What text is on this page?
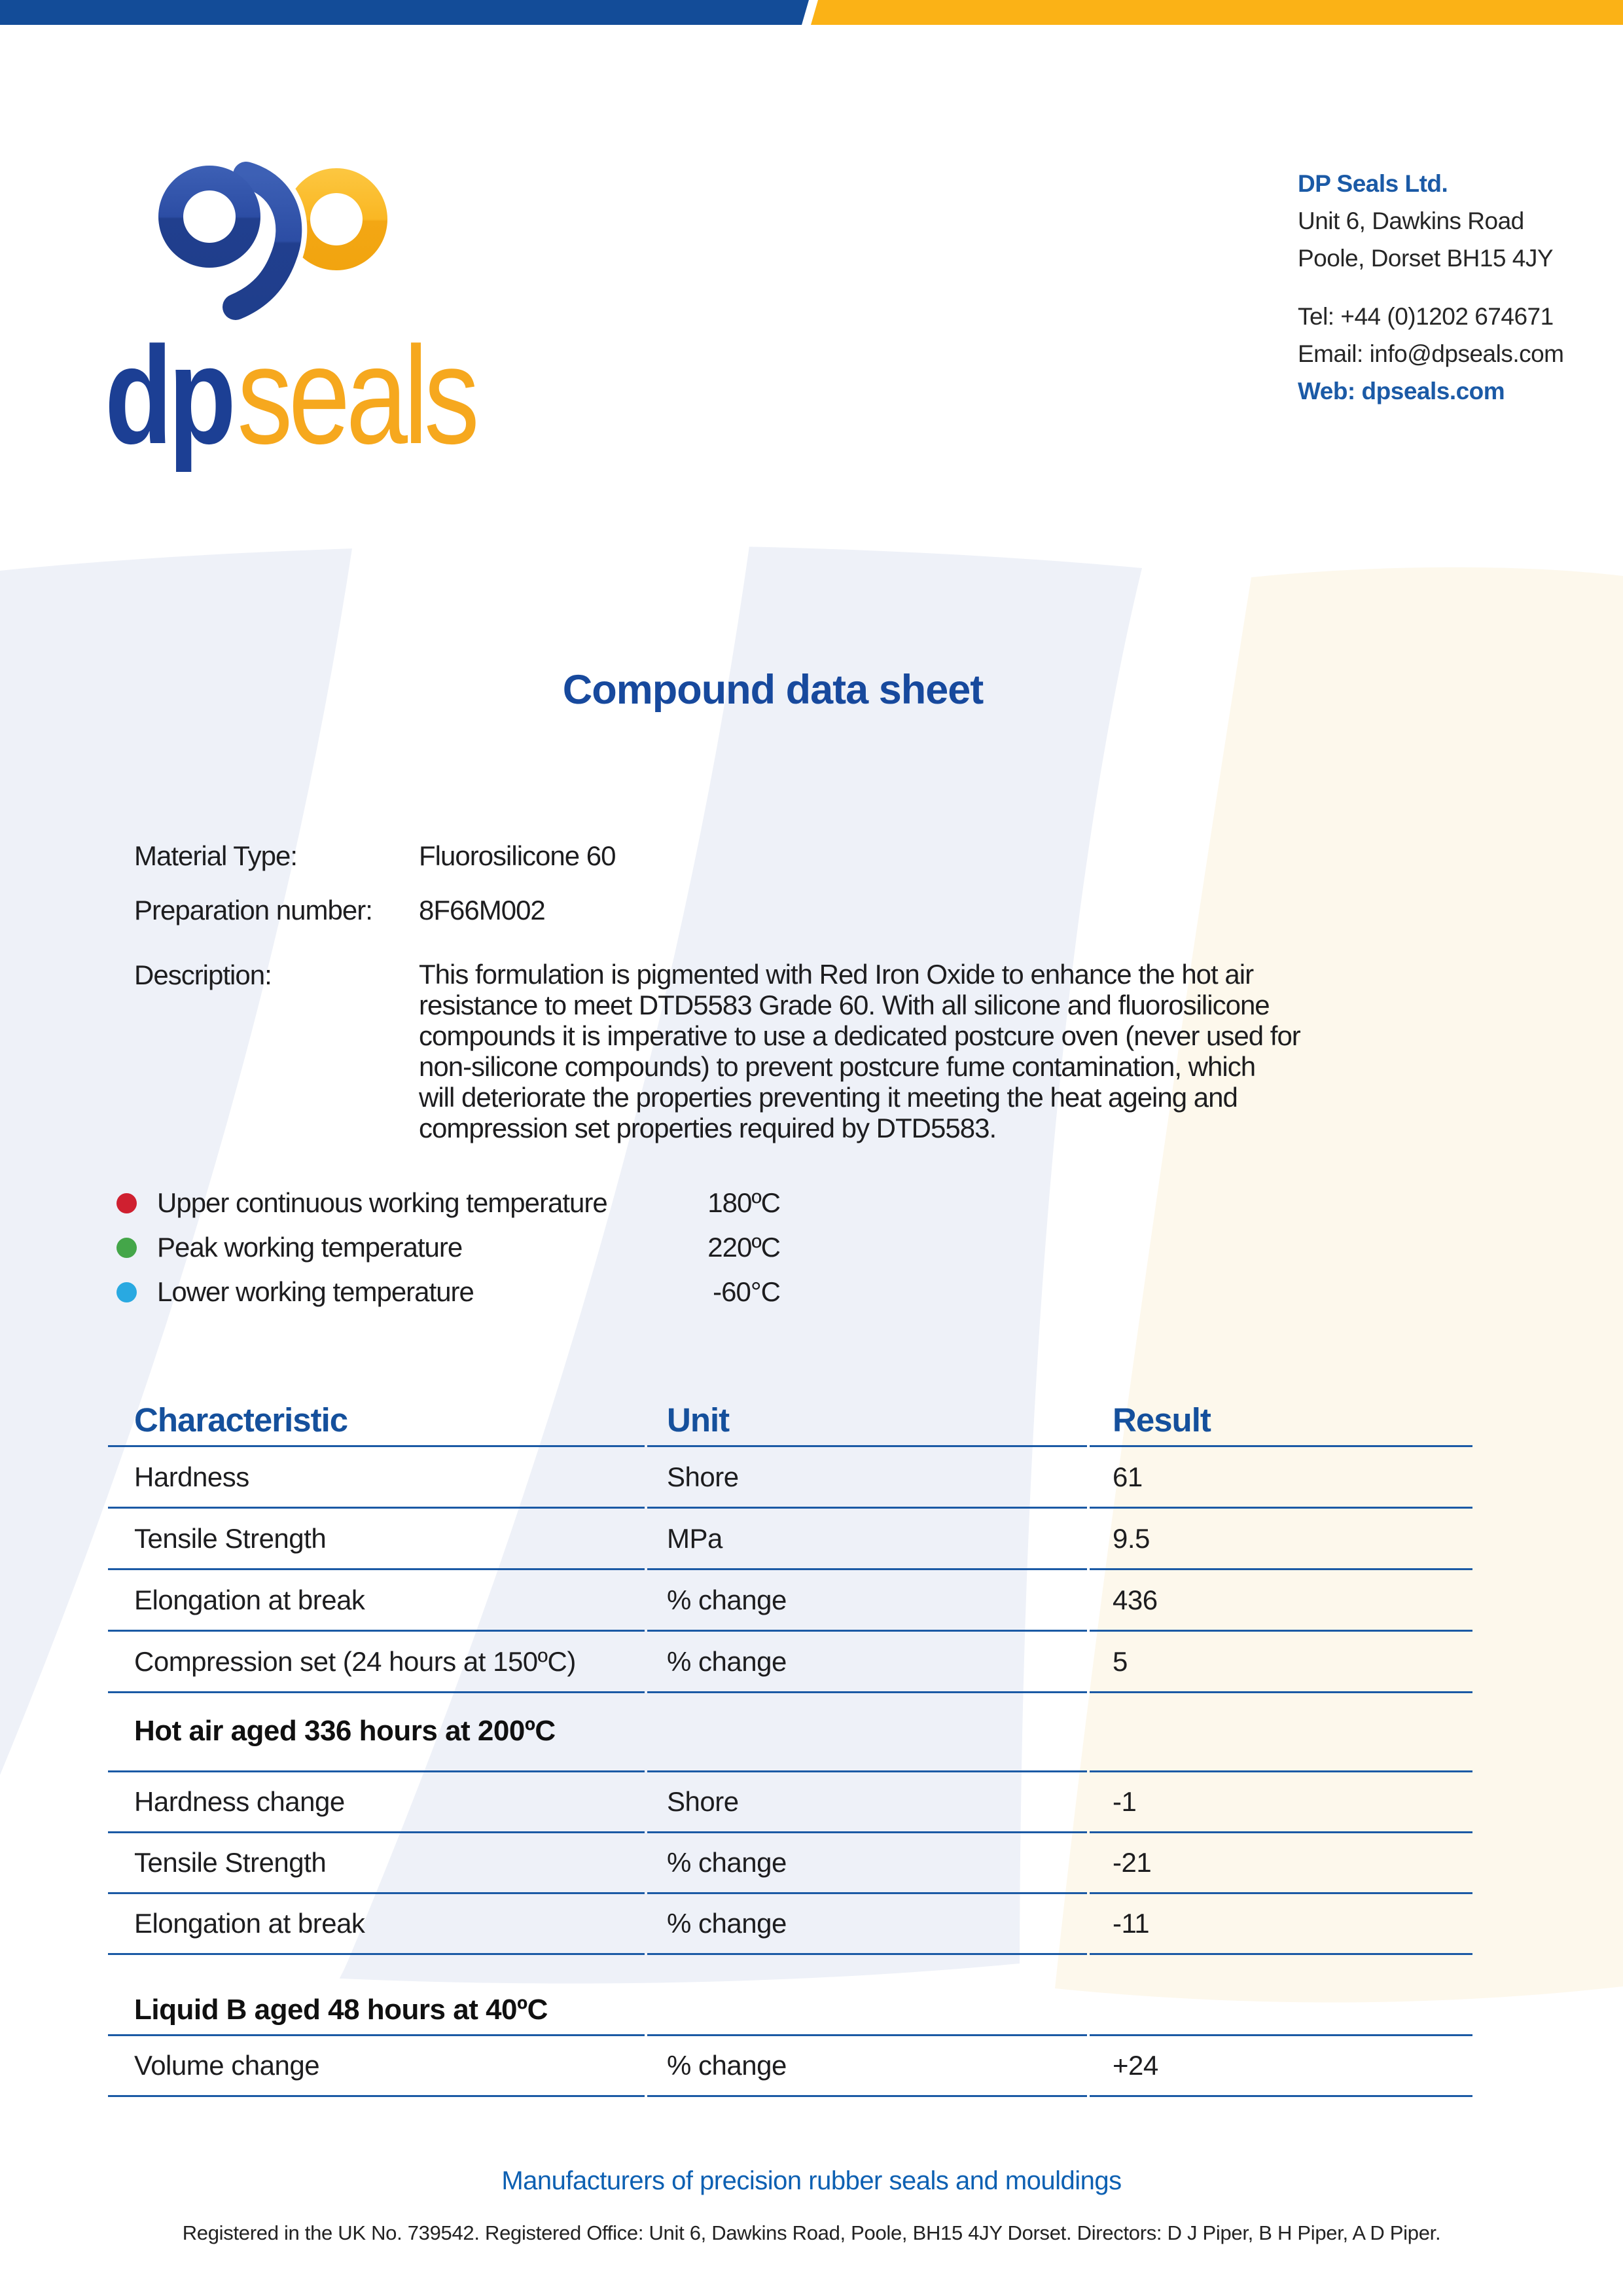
dpseals
DP Seals Ltd.
Unit 6, Dawkins Road
Poole, Dorset BH15 4JY
Tel: +44 (0)1202 674671
Email: info@dpseals.com
Web: dpseals.com
Compound data sheet
Material Type:	Fluorosilicone 60
Preparation number:	8F66M002
Description:	This formulation is pigmented with Red Iron Oxide to enhance the hot air
resistance to meet DTD5583 Grade 60. With all silicone and fluorosilicone
compounds it is imperative to use a dedicated postcure oven (never used for
non-silicone compounds) to prevent postcure fume contamination, which
will deteriorate the properties preventing it meeting the heat ageing and
compression set properties required by DTD5583.
Upper continuous working temperature	180ºC
Peak working temperature	220ºC
Lower working temperature	-60°C
Characteristic	Unit	Result
Hardness	Shore	61
Tensile Strength	MPa	9.5
Elongation at break	% change	436
Compression set (24 hours at 150ºC)	% change	5
Hot air aged 336 hours at 200ºC
Hardness change	Shore	-1
Tensile Strength	% change	-21
Elongation at break	% change	-11
Liquid B aged 48 hours at 40ºC
Volume change	% change	+24
Manufacturers of precision rubber seals and mouldings
Registered in the UK No. 739542. Registered Office: Unit 6, Dawkins Road, Poole, BH15 4JY Dorset. Directors: D J Piper, B H Piper, A D Piper.
